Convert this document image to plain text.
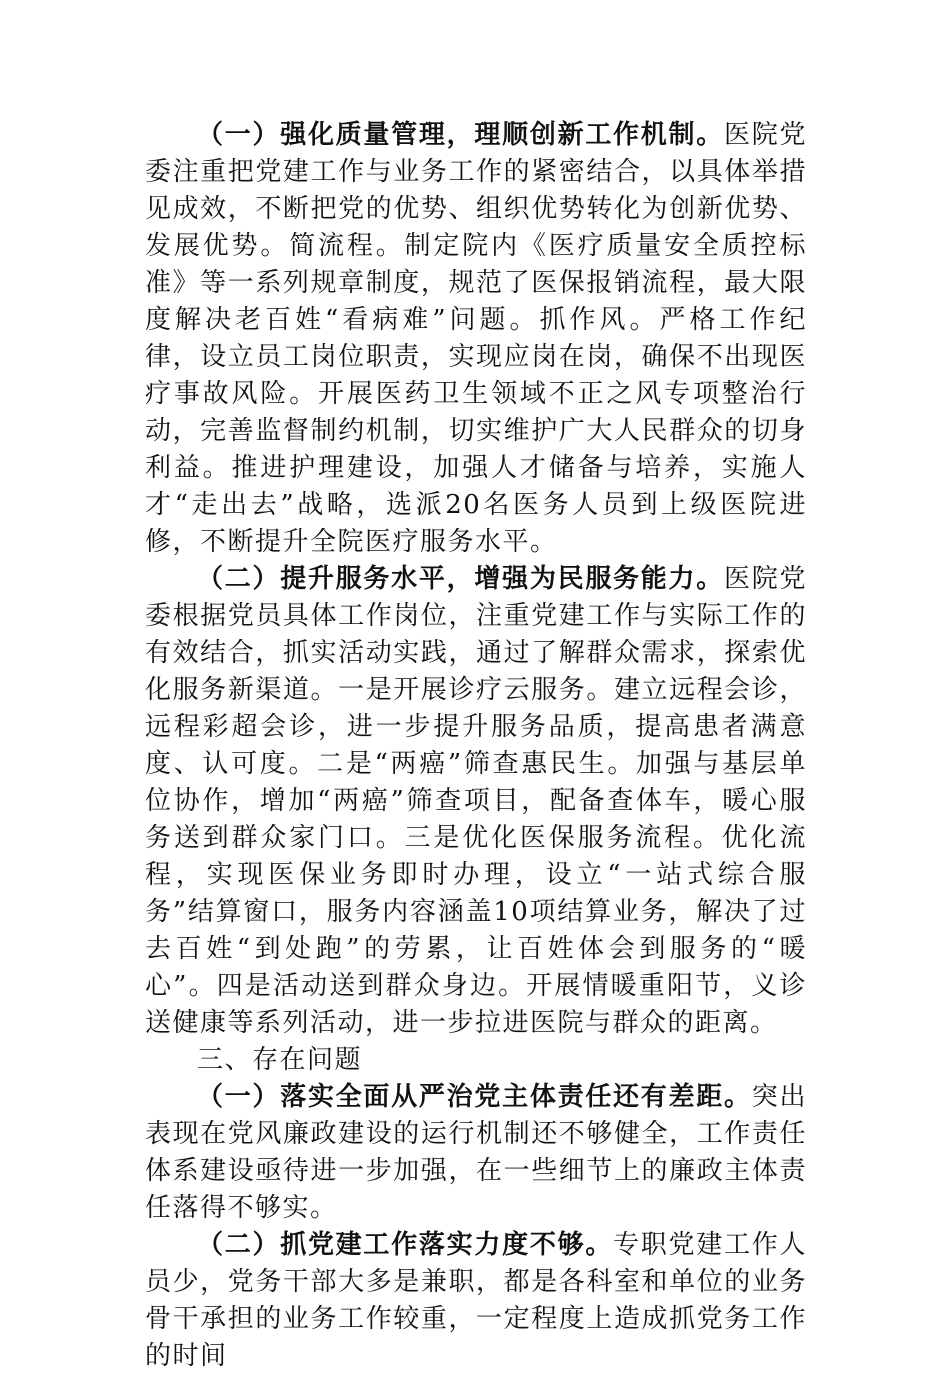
（一）强化质量管理，理顺创新工作机制。医院党委注重把党建工作与业务工作的紧密结合，以具体举措见成效，不断把党的优势、组织优势转化为创新优势、发展优势。简流程。制定院内《医疗质量安全质控标准》等一系列规章制度，规范了医保报销流程，最大限度解决老百姓“看病难”问题。抓作风。严格工作纪律，设立员工岗位职责，实现应岗在岗，确保不出现医疗事故风险。开展医药卫生领域不正之风专项整治行动，完善监督制约机制，切实维护广大人民群众的切身利益。推进护理建设，加强人才储备与培养，实施人才“走出去”战略，选派20名医务人员到上级医院进修，不断提升全院医疗服务水平。

（二）提升服务水平，增强为民服务能力。医院党委根据党员具体工作岗位，注重党建工作与实际工作的有效结合，抓实活动实践，通过了解群众需求，探索优化服务新渠道。一是开展诊疗云服务。建立远程会诊，远程彩超会诊，进一步提升服务品质，提高患者满意度、认可度。二是“两癌”筛查惠民生。加强与基层单位协作，增加“两癌”筛查项目，配备查体车，暖心服务送到群众家门口。三是优化医保服务流程。优化流程，实现医保业务即时办理，设立“一站式综合服务”结算窗口，服务内容涵盖10项结算业务，解决了过去百姓“到处跑”的劳累，让百姓体会到服务的“暖心”。四是活动送到群众身边。开展情暖重阳节，义诊送健康等系列活动，进一步拉进医院与群众的距离。

三、存在问题

（一）落实全面从严治党主体责任还有差距。突出表现在党风廉政建设的运行机制还不够健全，工作责任体系建设亟待进一步加强，在一些细节上的廉政主体责任落得不够实。

（二）抓党建工作落实力度不够。专职党建工作人员少，党务干部大多是兼职，都是各科室和单位的业务骨干承担的业务工作较重，一定程度上造成抓党务工作的时间
